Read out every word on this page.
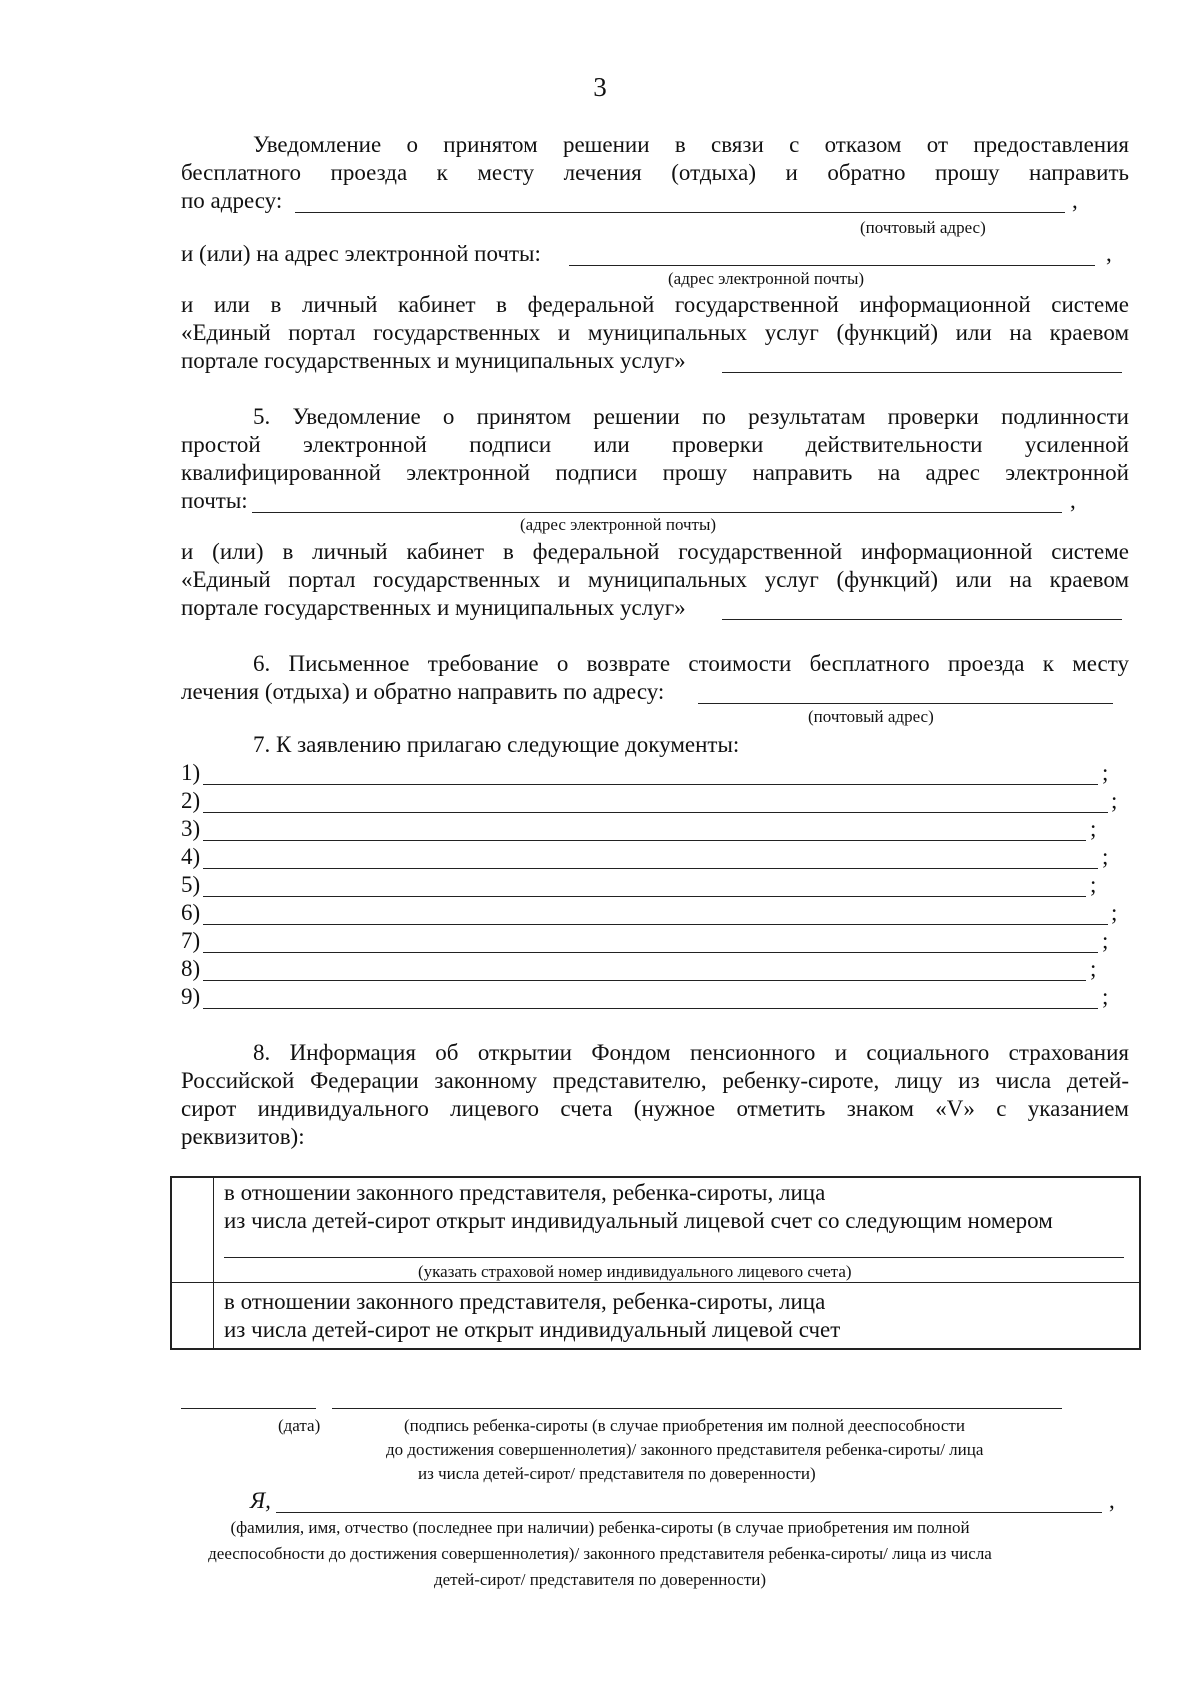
3
Уведомление о принятом решении в связи с отказом от предоставления
бесплатного проезда к месту лечения (отдыха) и обратно прошу направить
по адресу:	,
(почтовый адрес)
и (или) на адрес электронной почты:	,
(адрес электронной почты)
и или в личный кабинет в федеральной государственной информационной системе
«Единый портал государственных и муниципальных услуг (функций) или на краевом
портале государственных и муниципальных услуг»
5. Уведомление о принятом решении по результатам проверки подлинности
простой электронной подписи или проверки действительности усиленной
квалифицированной электронной подписи прошу направить на адрес электронной
почты:	,
(адрес электронной почты)
и (или) в личный кабинет в федеральной государственной информационной системе
«Единый портал государственных и муниципальных услуг (функций) или на краевом
портале государственных и муниципальных услуг»
6. Письменное требование о возврате стоимости бесплатного проезда к месту
лечения (отдыха) и обратно направить по адресу:
(почтовый адрес)
7. К заявлению прилагаю следующие документы:
1)	;
2)	;
3)	;
4)	;
5)	;
6)	;
7)	;
8)	;
9)	;
8. Информация об открытии Фондом пенсионного и социального страхования
Российской Федерации законному представителю, ребенку-сироте, лицу из числа детей-
сирот индивидуального лицевого счета (нужное отметить знаком «V» с указанием
реквизитов):
в отношении законного представителя, ребенка-сироты, лица
из числа детей-сирот открыт индивидуальный лицевой счет со следующим номером
(указать страховой номер индивидуального лицевого счета)
в отношении законного представителя, ребенка-сироты, лица
из числа детей-сирот не открыт индивидуальный лицевой счет
(дата)	(подпись ребенка-сироты (в случае приобретения им полной дееспособности
до достижения совершеннолетия)/ законного представителя ребенка-сироты/ лица
из числа детей-сирот/ представителя по доверенности)
Я,	,
(фамилия, имя, отчество (последнее при наличии) ребенка-сироты (в случае приобретения им полной
дееспособности до достижения совершеннолетия)/ законного представителя ребенка-сироты/ лица из числа
детей-сирот/ представителя по доверенности)
